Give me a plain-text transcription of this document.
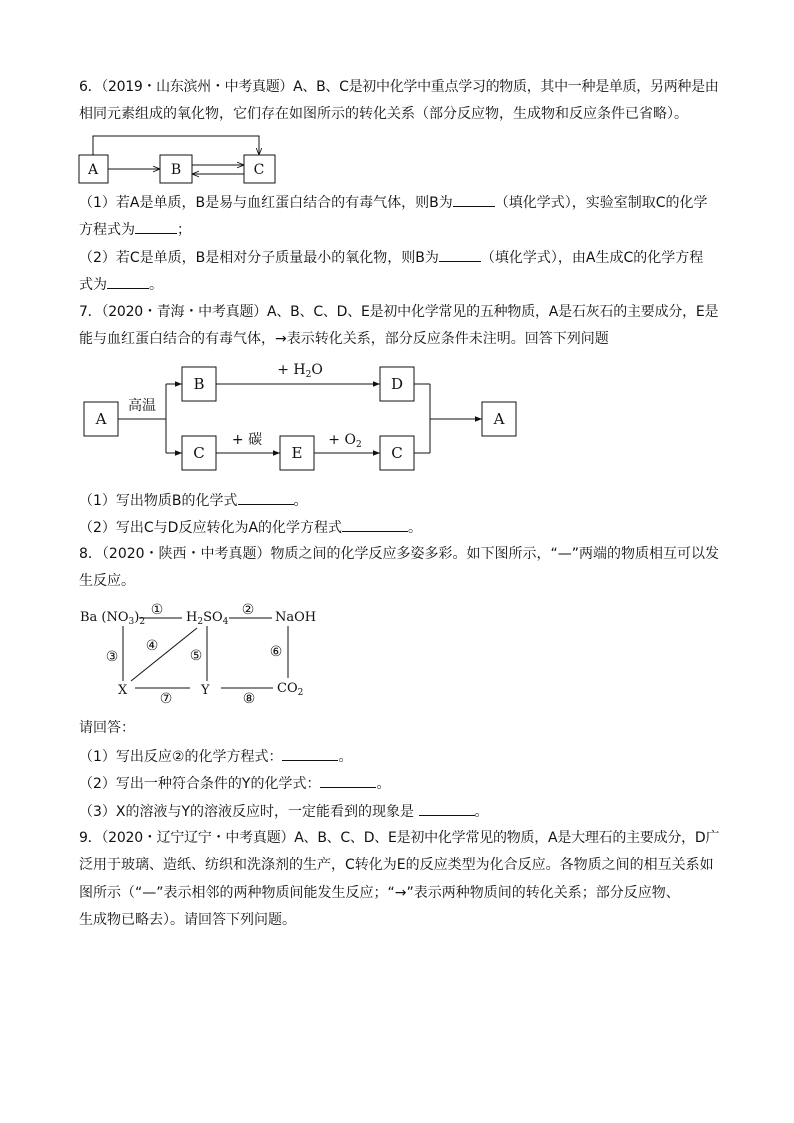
6．（2019・山东滨州・中考真题）A、B、C是初中化学中重点学习的物质，其中一种是单质，另两种是由
相同元素组成的氧化物，它们存在如图所示的转化关系（部分反应物，生成物和反应条件已省略）。
A	B	C
（1）若A是单质，B是易与血红蛋白结合的有毒气体，则B为	（填化学式），实验室制取C的化学
方程式为	；
（2）若C是单质，B是相对分子质量最小的氧化物，则B为	（填化学式），由A生成C的化学方程
式为	。
7．（2020・青海・中考真题）A、B、C、D、E是初中化学常见的五种物质，A是石灰石的主要成分，E是
能与血红蛋白结合的有毒气体，→表示转化关系，部分反应条件未注明。回答下列问题
A
B	D
C	E	C
A
高温
+ $H_2O$
+ 碳	+ $O_2$
（1）写出物质B的化学式	。
（2）写出C与D反应转化为A的化学方程式	。
8．（2020・陕西・中考真题）物质之间的化学反应多姿多彩。如下图所示，“—”两端的物质相互可以发
生反应。
Ba $(NO_3)_2$	$H_2SO_4$	NaOH
X	Y	$CO_2$
①	②
③
④
⑤	⑥
⑦	⑧
请回答：
（1）写出反应②的化学方程式：	。
（2）写出一种符合条件的Y的化学式：	。
（3）X的溶液与Y的溶液反应时，一定能看到的现象是	。
9．（2020・辽宁辽宁・中考真题）A、B、C、D、E是初中化学常见的物质，A是大理石的主要成分，D广
泛用于玻璃、造纸、纺织和洗涤剂的生产，C转化为E的反应类型为化合反应。各物质之间的相互关系如
图所示（“—”表示相邻的两种物质间能发生反应；“→”表示两种物质间的转化关系；部分反应物、
生成物已略去）。请回答下列问题。
